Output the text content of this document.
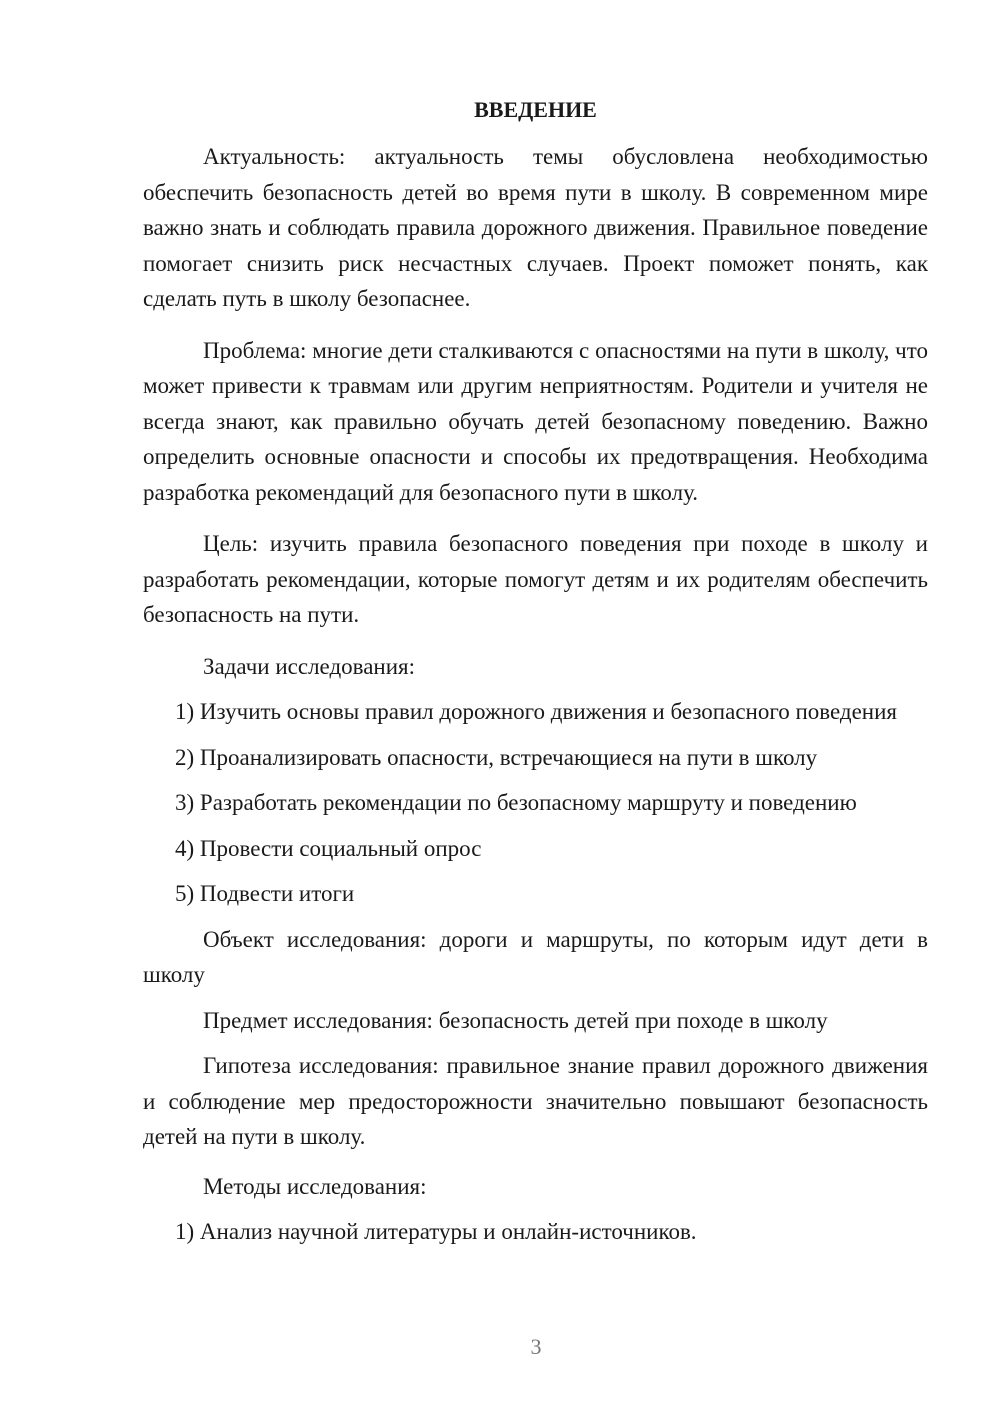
ВВЕДЕНИЕ

Актуальность: актуальность темы обусловлена необходимостью обеспечить безопасность детей во время пути в школу. В современном мире важно знать и соблюдать правила дорожного движения. Правильное поведение помогает снизить риск несчастных случаев. Проект поможет понять, как сделать путь в школу безопаснее.

Проблема: многие дети сталкиваются с опасностями на пути в школу, что может привести к травмам или другим неприятностям. Родители и учителя не всегда знают, как правильно обучать детей безопасному поведению. Важно определить основные опасности и способы их предотвращения. Необходима разработка рекомендаций для безопасного пути в школу.

Цель: изучить правила безопасного поведения при походе в школу и разработать рекомендации, которые помогут детям и их родителям обеспечить безопасность на пути.

Задачи исследования:

1) Изучить основы правил дорожного движения и безопасного поведения

2) Проанализировать опасности, встречающиеся на пути в школу

3) Разработать рекомендации по безопасному маршруту и поведению

4) Провести социальный опрос

5) Подвести итоги

Объект исследования: дороги и маршруты, по которым идут дети в школу

Предмет исследования: безопасность детей при походе в школу

Гипотеза исследования: правильное знание правил дорожного движения и соблюдение мер предосторожности значительно повышают безопасность детей на пути в школу.

Методы исследования:

1) Анализ научной литературы и онлайн-источников.

3
